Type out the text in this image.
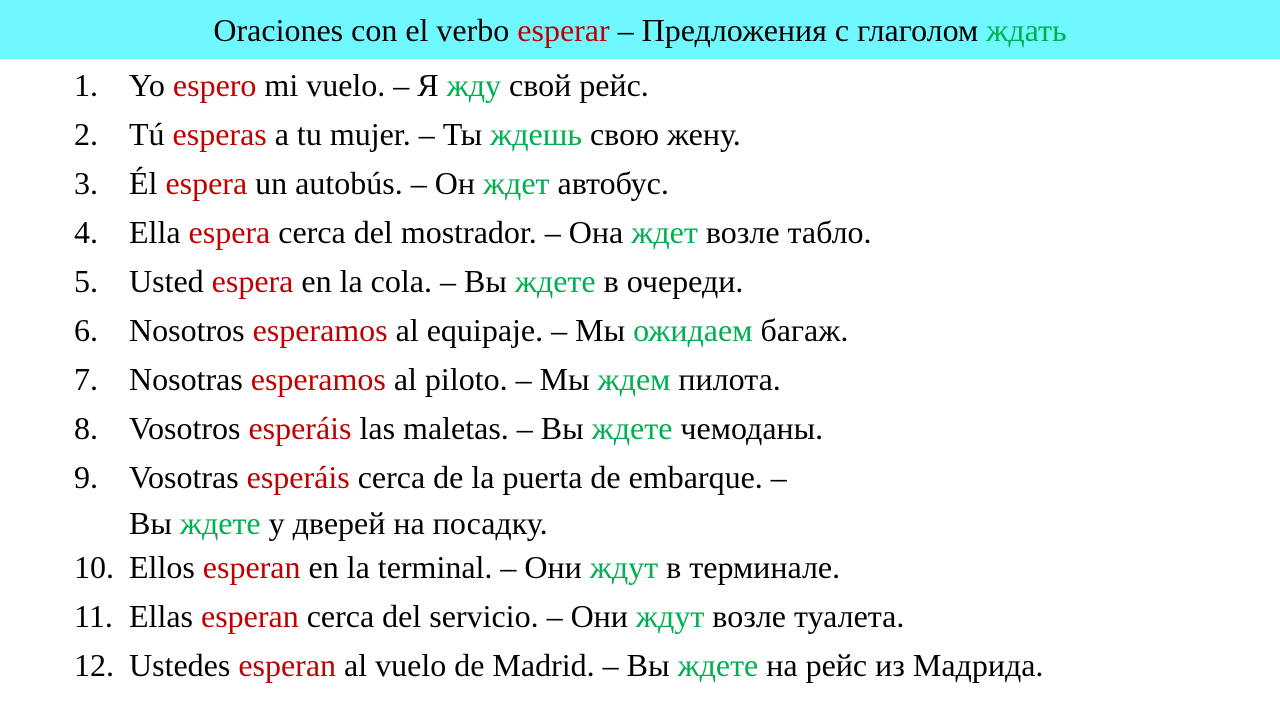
Oraciones con el verbo esperar – Предложения с глаголом ждать
1. Yo espero mi vuelo. – Я жду свой рейс.
2. Tú esperas a tu mujer. – Ты ждешь свою жену.
3. Él espera un autobús. – Он ждет автобус.
4. Ella espera cerca del mostrador. – Она ждет возле табло.
5. Usted espera en la cola. – Вы ждете в очереди.
6. Nosotros esperamos al equipaje. – Мы ожидаем багаж.
7. Nosotras esperamos al piloto. – Мы ждем пилота.
8. Vosotros esperáis las maletas. – Вы ждете чемоданы.
9. Vosotras esperáis cerca de la puerta de embarque. –
Вы ждете у дверей на посадку.
10. Ellos esperan en la terminal. – Они ждут в терминале.
11. Ellas esperan cerca del servicio. – Они ждут возле туалета.
12. Ustedes esperan al vuelo de Madrid. – Вы ждете на рейс из Мадрида.
